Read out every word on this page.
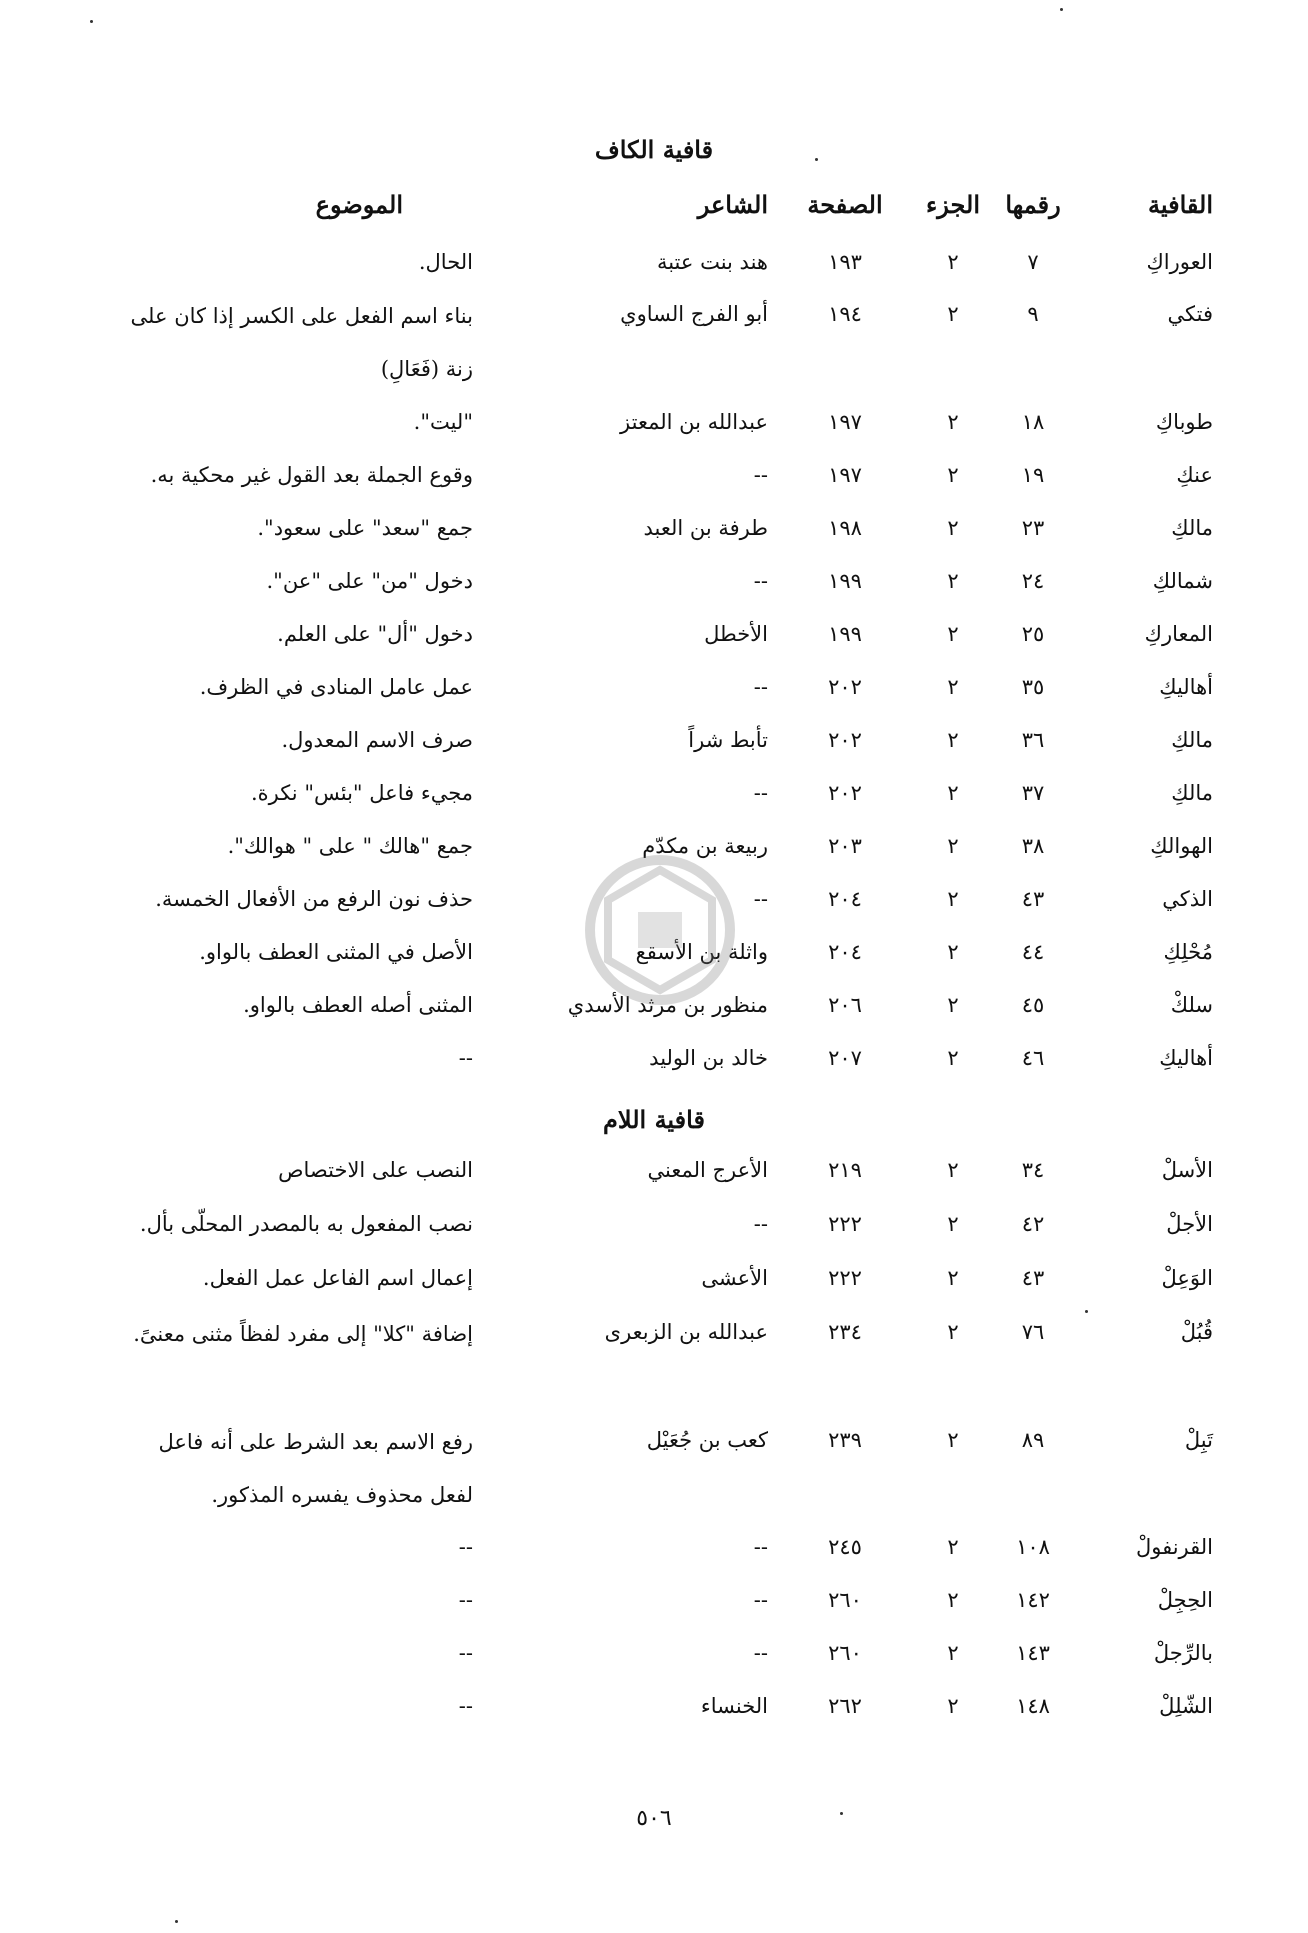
قافية الكاف
القافية
رقمها
الجزء
الصفحة
الشاعر
الموضوع
العوراكِ
٧
٢
١٩٣
هند بنت عتبة
الحال.
فتكي
٩
٢
١٩٤
أبو الفرج الساوي
بناء اسم الفعل على الكسر إذا كان على زنة (فَعَالِ)
طوباكِ
١٨
٢
١٩٧
عبدالله بن المعتز
"ليت".
عنكِ
١٩
٢
١٩٧
--
وقوع الجملة بعد القول غير محكية به.
مالكِ
٢٣
٢
١٩٨
طرفة بن العبد
جمع "سعد" على سعود".
شمالكِ
٢٤
٢
١٩٩
--
دخول "من" على "عن".
المعاركِ
٢٥
٢
١٩٩
الأخطل
دخول "أل" على العلم.
أهاليكِ
٣٥
٢
٢٠٢
--
عمل عامل المنادى في الظرف.
مالكِ
٣٦
٢
٢٠٢
تأبط شراً
صرف الاسم المعدول.
مالكِ
٣٧
٢
٢٠٢
--
مجيء فاعل "بئس" نكرة.
الهوالكِ
٣٨
٢
٢٠٣
ربيعة بن مكدّم
جمع "هالك " على " هوالك".
الذكي
٤٣
٢
٢٠٤
--
حذف نون الرفع من الأفعال الخمسة.
مُحْلِكِ
٤٤
٢
٢٠٤
واثلة بن الأسقع
الأصل في المثنى العطف بالواو.
سلكْ
٤٥
٢
٢٠٦
منظور بن مرثد الأسدي
المثنى أصله العطف بالواو.
أهاليكِ
٤٦
٢
٢٠٧
خالد بن الوليد
--
قافية اللام
الأسلْ
٣٤
٢
٢١٩
الأعرج المعني
النصب على الاختصاص
الأجلْ
٤٢
٢
٢٢٢
--
نصب المفعول به بالمصدر المحلّى بأل.
الوَعِلْ
٤٣
٢
٢٢٢
الأعشى
إعمال اسم الفاعل عمل الفعل.
قُبُلْ
٧٦
٢
٢٣٤
عبدالله بن الزبعرى
إضافة "كلا" إلى مفرد لفظاً مثنى معنىً.
تَبِلْ
٨٩
٢
٢٣٩
كعب بن جُعَيْل
رفع الاسم بعد الشرط على أنه فاعل لفعل محذوف يفسره المذكور.
القرنفولْ
١٠٨
٢
٢٤٥
--
--
الحِجِلْ
١٤٢
٢
٢٦٠
--
--
بالرِّجلْ
١٤٣
٢
٢٦٠
--
--
الشّلِلْ
١٤٨
٢
٢٦٢
الخنساء
--
٥٠٦
